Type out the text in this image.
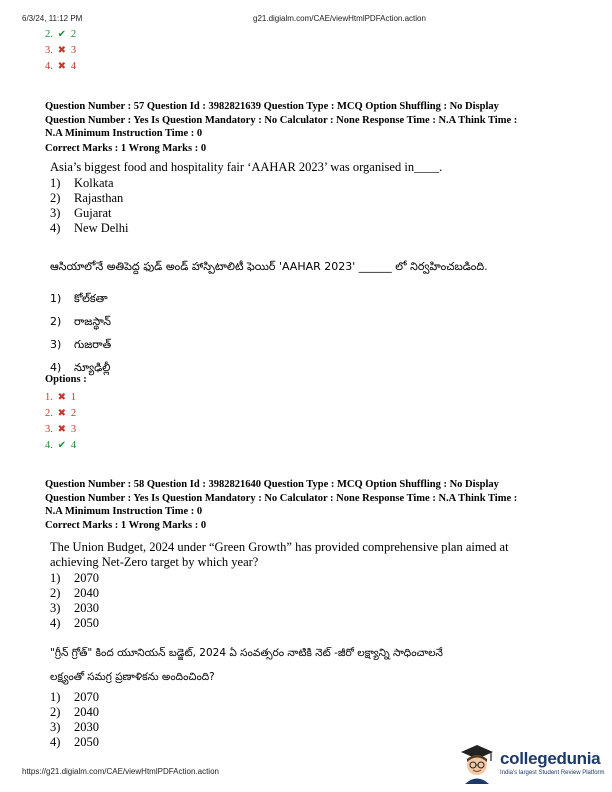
6/3/24, 11:12 PM	g21.digialm.com/CAE/viewHtmlPDFAction.action
2. ✔ 2
3. ✖ 3
4. ✖ 4
Question Number : 57 Question Id : 3982821639 Question Type : MCQ Option Shuffling : No Display
Question Number : Yes Is Question Mandatory : No Calculator : None Response Time : N.A Think Time :
N.A Minimum Instruction Time : 0
Correct Marks : 1 Wrong Marks : 0
Asia’s biggest food and hospitality fair ‘AAHAR 2023’ was organised in____.
1)	Kolkata
2)	Rajasthan
3)	Gujarat
4)	New Delhi
ఆసియాలోనే అతిపెద్ద ఫుడ్ అండ్ హాస్పిటాలిటీ ఫెయిర్ 'AAHAR 2023' ______ లో నిర్వహించబడింది.
1)	కోల్‌కతా
2)	రాజస్థాన్
3)	గుజరాత్
4)	న్యూఢిల్లీ
Options :
1. ✖ 1
2. ✖ 2
3. ✖ 3
4. ✔ 4
Question Number : 58 Question Id : 3982821640 Question Type : MCQ Option Shuffling : No Display
Question Number : Yes Is Question Mandatory : No Calculator : None Response Time : N.A Think Time :
N.A Minimum Instruction Time : 0
Correct Marks : 1 Wrong Marks : 0
The Union Budget, 2024 under “Green Growth” has provided comprehensive plan aimed at
achieving Net-Zero target by which year?
1)	2070
2)	2040
3)	2030
4)	2050
"గ్రీన్ గ్రోత్" కింద యూనియన్ బడ్జెట్, 2024 ఏ సంవత్సరం నాటికి నెట్ -జీరో లక్ష్యాన్ని సాధించాలనే
లక్ష్యంతో సమగ్ర ప్రణాళికను అందించింది?
1)	2070
2)	2040
3)	2030
4)	2050
https://g21.digialm.com/CAE/viewHtmlPDFAction.action
collegedunia
India's largest Student Review Platform
